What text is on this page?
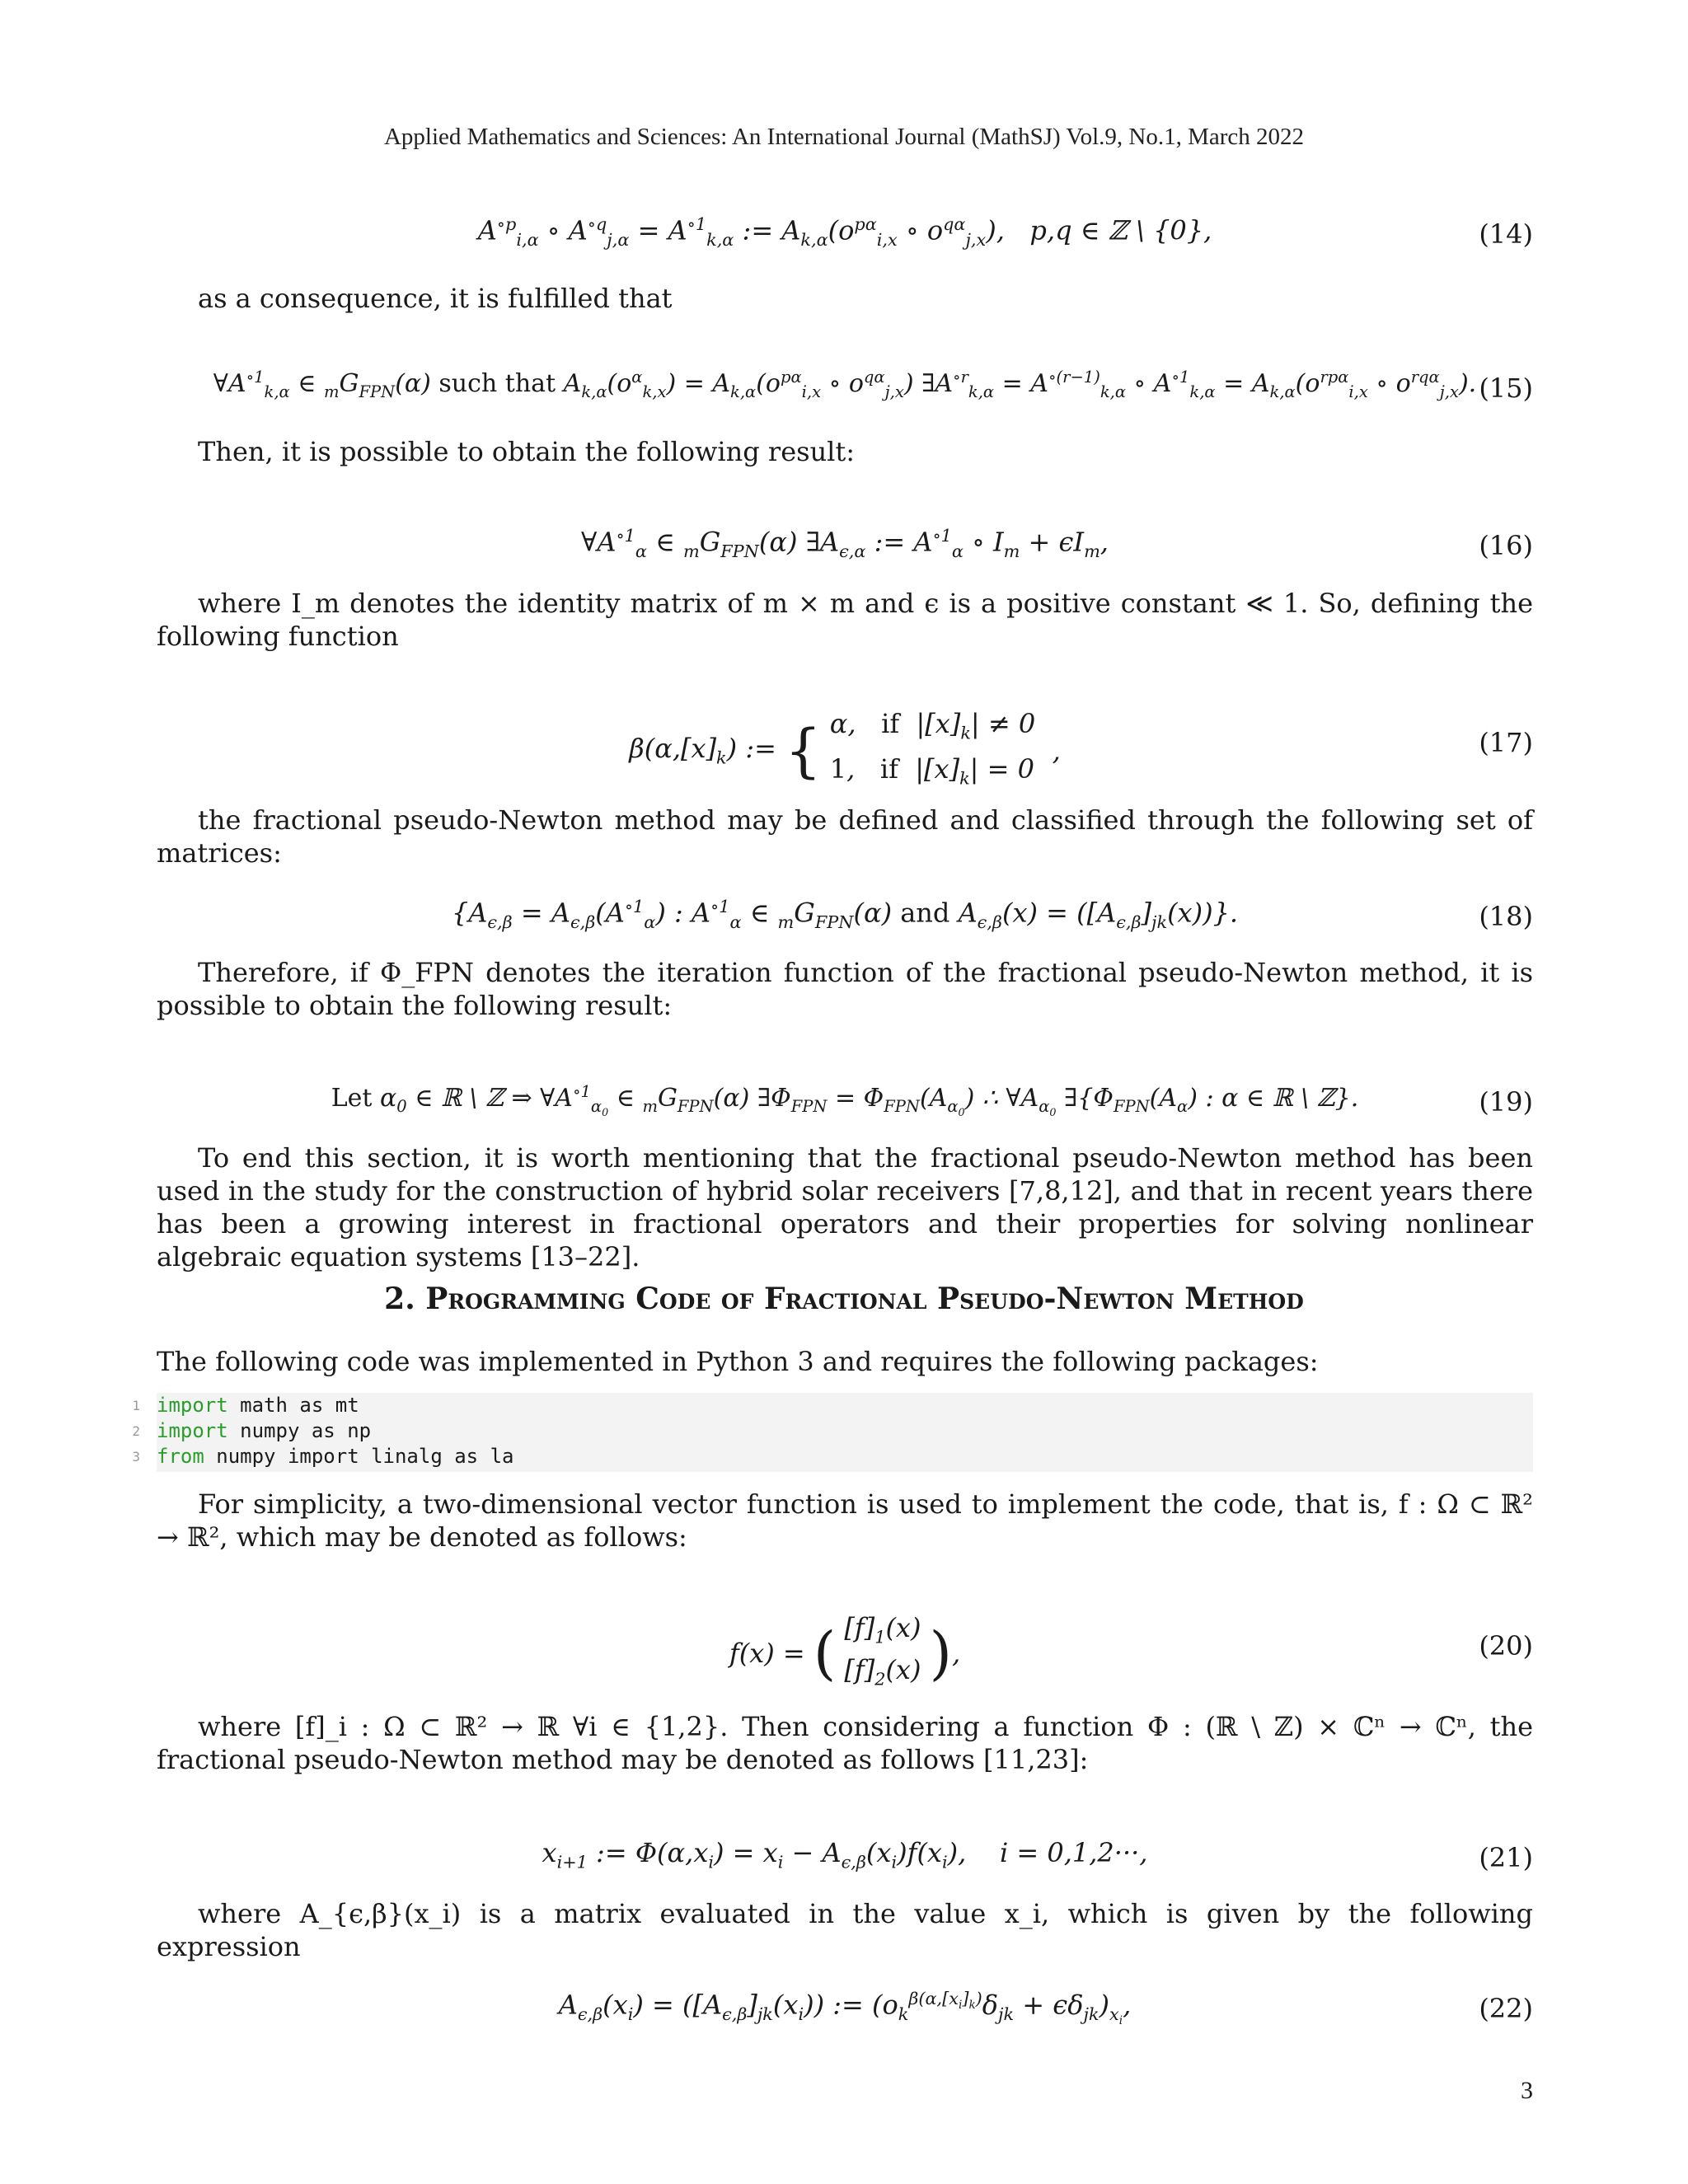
Applied Mathematics and Sciences: An International Journal (MathSJ) Vol.9, No.1, March 2022
$A^{\circ p}_{i,\alpha}$ ∘ $A^{\circ q}_{j,\alpha} = A^{\circ 1}_{k,\alpha}$ := $A_{k,\alpha}(o^{p\alpha}_{i,x}$ ∘ $o^{q\alpha}_{j,x}$),   p,q ∈ ℤ \ {0},	(14)
as a consequence, it is fulfilled that
$\forall A^{\circ 1}_{k,\alpha}$ ∈ $_mG_{FPN}(\alpha)$ such that $A_{k,\alpha}(o^\alpha_{k,x}) = A_{k,\alpha}(o^{p\alpha}_{i,x}$ ∘ $o^{q\alpha}_{j,x}$) $\exists A^{\circ r}_{k,\alpha} = A^{\circ(r-1)}_{k,\alpha}$ ∘ $A^{\circ 1}_{k,\alpha} = A_{k,\alpha}(o^{rp\alpha}_{i,x}$ ∘ $o^{rq\alpha}_{j,x}$). (15)
Then, it is possible to obtain the following result:
$\forall A^{\circ 1}_\alpha$ ∈ $_mG_{FPN}(\alpha)$ $\exists A_{\epsilon,\alpha}$ := $A^{\circ 1}_\alpha$ ∘ $I_m + \epsilon I_m$,	(16)
where I_m denotes the identity matrix of m × m and ϵ is a positive constant ≪ 1. So, defining the following function
$\beta(\alpha,[x]_k)$ := { α,   if  $|[x]_k| \ne 0$
1,   if  $|[x]_k| = 0$  ,	(17)
the fractional pseudo-Newton method may be defined and classified through the following set of matrices:
{$A_{\epsilon,\beta} = A_{\epsilon,\beta}(A^{\circ 1}_\alpha)$ : $A^{\circ 1}_\alpha$ ∈ $_mG_{FPN}(\alpha)$ and $A_{\epsilon,\beta}(x) = ([A_{\epsilon,\beta}]_{jk}(x))$}.	(18)
Therefore, if Φ_FPN denotes the iteration function of the fractional pseudo-Newton method, it is possible to obtain the following result:
Let $\alpha_0$ ∈ ℝ \ ℤ ⇒ $\forall A^{\circ 1}_{\alpha_0}$ ∈ $_mG_{FPN}(\alpha)$ $\exists\Phi_{FPN} = \Phi_{FPN}(A_{\alpha_0})$ ∴ $\forall A_{\alpha_0}$ $\exists\{\Phi_{FPN}(A_\alpha)$ : α ∈ ℝ \ ℤ}.	(19)
To end this section, it is worth mentioning that the fractional pseudo-Newton method has been used in the study for the construction of hybrid solar receivers [7,8,12], and that in recent years there has been a growing interest in fractional operators and their properties for solving nonlinear algebraic equation systems [13–22].
2. Programming Code of Fractional Pseudo-Newton Method
The following code was implemented in Python 3 and requires the following packages:
1 import math as mt
2 import numpy as np
3 from numpy import linalg as la
For simplicity, a two-dimensional vector function is used to implement the code, that is, f : Ω ⊂ ℝ² → ℝ², which may be denoted as follows:
f(x) = ( $[f]_1(x)$
$[f]_2(x)$ ),	(20)
where [f]_i : Ω ⊂ ℝ² → ℝ ∀i ∈ {1,2}. Then considering a function Φ : (ℝ \ ℤ) × ℂⁿ → ℂⁿ, the fractional pseudo-Newton method may be denoted as follows [11,23]:
$x_{i+1}$ := $\Phi(\alpha,x_i) = x_i - A_{\epsilon,\beta}(x_i)f(x_i)$,    i = 0,1,2···,	(21)
where A_{ϵ,β}(x_i) is a matrix evaluated in the value x_i, which is given by the following expression
$A_{\epsilon,\beta}(x_i) = ([A_{\epsilon,\beta}]_{jk}(x_i))$ := $(o_k^{\beta(\alpha,[x_i]_k)}\delta_{jk} + \epsilon\delta_{jk})_{x_i}$,	(22)
3
